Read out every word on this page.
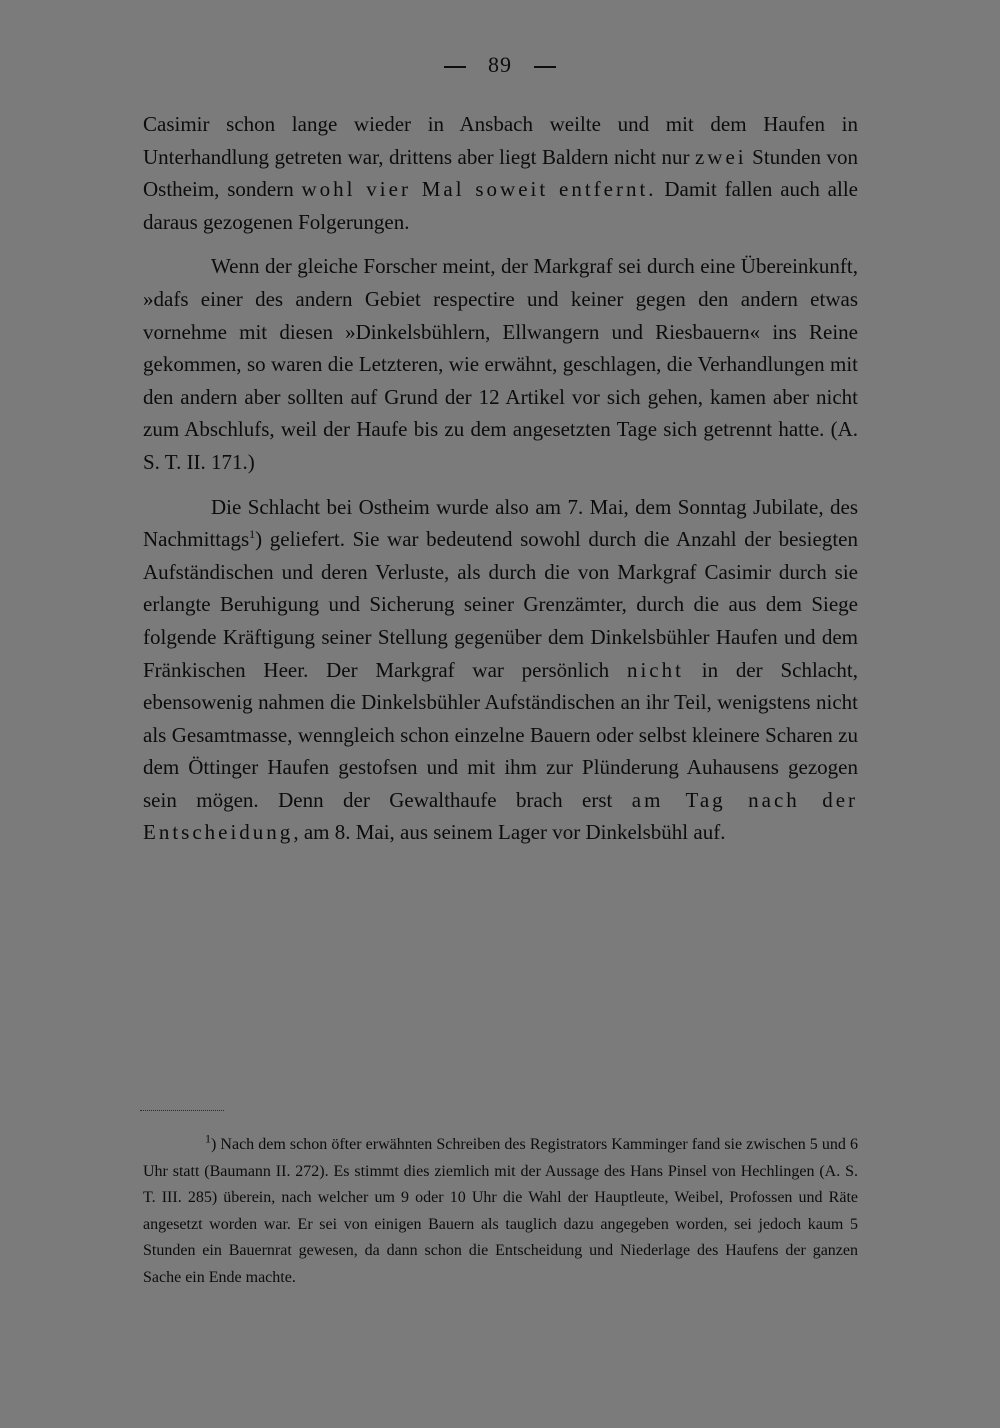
89

Casimir schon lange wieder in Ansbach weilte und mit dem Haufen in Unterhandlung getreten war, drittens aber liegt Baldern nicht nur zwei Stunden von Ostheim, sondern wohl vier Mal soweit entfernt. Damit fallen auch alle daraus gezogenen Folgerungen.

Wenn der gleiche Forscher meint, der Markgraf sei durch eine Übereinkunft, »dafs einer des andern Gebiet respectire und keiner gegen den andern etwas vornehme mit diesen »Dinkelsbühlern, Ellwangern und Riesbauern« ins Reine gekommen, so waren die Letzteren, wie erwähnt, geschlagen, die Verhandlungen mit den andern aber sollten auf Grund der 12 Artikel vor sich gehen, kamen aber nicht zum Abschlufs, weil der Haufe bis zu dem angesetzten Tage sich getrennt hatte. (A. S. T. II. 171.)

Die Schlacht bei Ostheim wurde also am 7. Mai, dem Sonntag Jubilate, des Nachmittags$^1$) geliefert. Sie war bedeutend sowohl durch die Anzahl der besiegten Aufständischen und deren Verluste, als durch die von Markgraf Casimir durch sie erlangte Beruhigung und Sicherung seiner Grenzämter, durch die aus dem Siege folgende Kräftigung seiner Stellung gegenüber dem Dinkelsbühler Haufen und dem Fränkischen Heer. Der Markgraf war persönlich nicht in der Schlacht, ebensowenig nahmen die Dinkelsbühler Aufständischen an ihr Teil, wenigstens nicht als Gesamtmasse, wenngleich schon einzelne Bauern oder selbst kleinere Scharen zu dem Öttinger Haufen gestofsen und mit ihm zur Plünderung Auhausens gezogen sein mögen. Denn der Gewalthaufe brach erst am Tag nach der Entscheidung, am 8. Mai, aus seinem Lager vor Dinkelsbühl auf.

$^1$) Nach dem schon öfter erwähnten Schreiben des Registrators Kamminger fand sie zwischen 5 und 6 Uhr statt (Baumann II. 272). Es stimmt dies ziemlich mit der Aussage des Hans Pinsel von Hechlingen (A. S. T. III. 285) überein, nach welcher um 9 oder 10 Uhr die Wahl der Hauptleute, Weibel, Profossen und Räte angesetzt worden war. Er sei von einigen Bauern als tauglich dazu angegeben worden, sei jedoch kaum 5 Stunden ein Bauernrat gewesen, da dann schon die Entscheidung und Niederlage des Haufens der ganzen Sache ein Ende machte.
